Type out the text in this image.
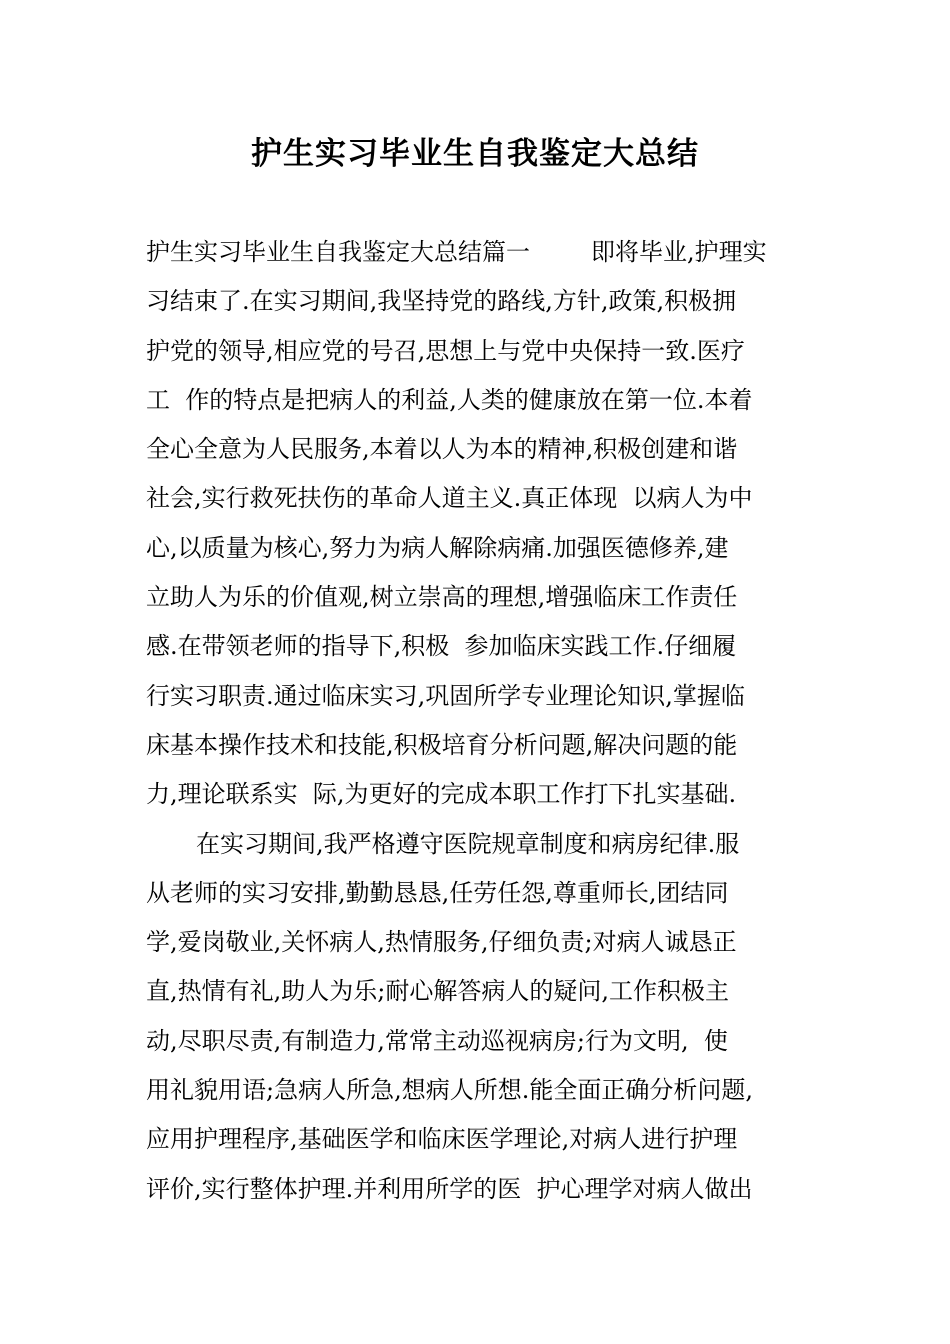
护生实习毕业生自我鉴定大总结
护生实习毕业生自我鉴定大总结篇一        即将毕业,护理实
习结束了.在实习期间,我坚持党的路线,方针,政策,积极拥
护党的领导,相应党的号召,思想上与党中央保持一致.医疗
工  作的特点是把病人的利益,人类的健康放在第一位.本着
全心全意为人民服务,本着以人为本的精神,积极创建和谐
社会,实行救死扶伤的革命人道主义.真正体现  以病人为中
心,以质量为核心,努力为病人解除病痛.加强医德修养,建
立助人为乐的价值观,树立崇高的理想,增强临床工作责任
感.在带领老师的指导下,积极  参加临床实践工作.仔细履
行实习职责.通过临床实习,巩固所学专业理论知识,掌握临
床基本操作技术和技能,积极培育分析问题,解决问题的能
力,理论联系实  际,为更好的完成本职工作打下扎实基础.
在实习期间,我严格遵守医院规章制度和病房纪律.服
从老师的实习安排,勤勤恳恳,任劳任怨,尊重师长,团结同
学,爱岗敬业,关怀病人,热情服务,仔细负责;对病人诚恳正
直,热情有礼,助人为乐;耐心解答病人的疑问,工作积极主
动,尽职尽责,有制造力,常常主动巡视病房;行为文明,  使
用礼貌用语;急病人所急,想病人所想.能全面正确分析问题,
应用护理程序,基础医学和临床医学理论,对病人进行护理
评价,实行整体护理.并利用所学的医  护心理学对病人做出
